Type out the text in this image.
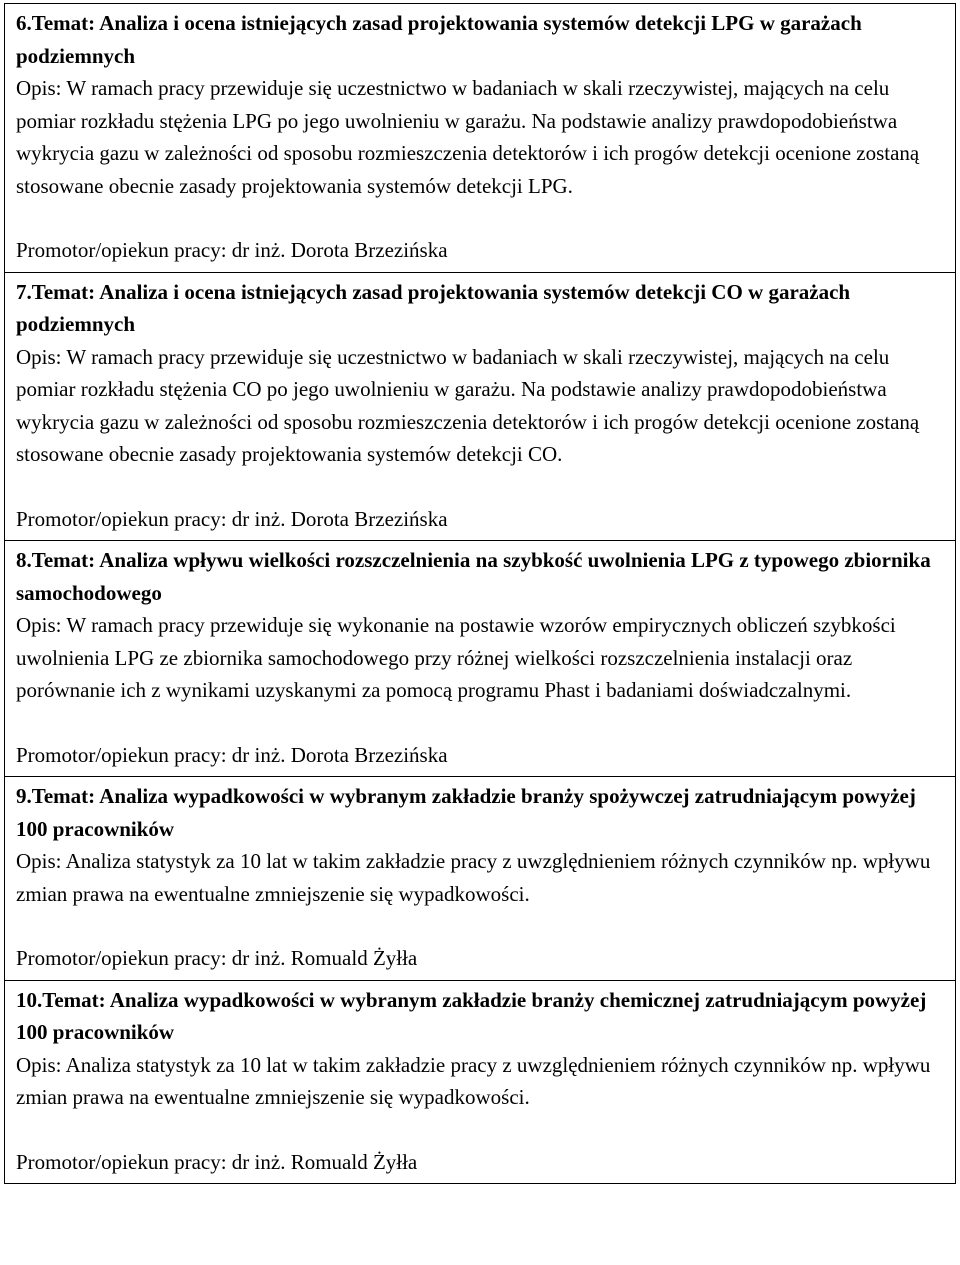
6.Temat: Analiza i ocena istniejących zasad projektowania systemów detekcji LPG w garażach podziemnych

Opis: W ramach pracy przewiduje się uczestnictwo w badaniach w skali rzeczywistej, mających na celu pomiar rozkładu stężenia LPG po jego uwolnieniu w garażu. Na podstawie analizy prawdopodobieństwa wykrycia gazu w zależności od sposobu rozmieszczenia detektorów i ich progów detekcji ocenione zostaną stosowane obecnie zasady projektowania systemów detekcji LPG.

Promotor/opiekun pracy: dr inż. Dorota Brzezińska

7.Temat: Analiza i ocena istniejących zasad projektowania systemów detekcji CO w garażach podziemnych

Opis: W ramach pracy przewiduje się uczestnictwo w badaniach w skali rzeczywistej, mających na celu pomiar rozkładu stężenia CO po jego uwolnieniu w garażu. Na podstawie analizy prawdopodobieństwa wykrycia gazu w zależności od sposobu rozmieszczenia detektorów i ich progów detekcji ocenione zostaną stosowane obecnie zasady projektowania systemów detekcji CO.

Promotor/opiekun pracy: dr inż. Dorota Brzezińska

8.Temat: Analiza wpływu wielkości rozszczelnienia na szybkość uwolnienia LPG z typowego zbiornika samochodowego

Opis: W ramach pracy przewiduje się wykonanie na postawie wzorów empirycznych obliczeń szybkości uwolnienia LPG ze zbiornika samochodowego przy różnej wielkości rozszczelnienia instalacji oraz porównanie ich z wynikami uzyskanymi za pomocą programu Phast i badaniami doświadczalnymi.

Promotor/opiekun pracy: dr inż. Dorota Brzezińska

9.Temat: Analiza wypadkowości w wybranym zakładzie branży spożywczej zatrudniającym powyżej 100 pracowników

Opis: Analiza statystyk za 10 lat w takim zakładzie pracy z uwzględnieniem różnych czynników np. wpływu zmian prawa na ewentualne zmniejszenie się wypadkowości.

Promotor/opiekun pracy: dr inż. Romuald Żyłła

10.Temat: Analiza wypadkowości w wybranym zakładzie branży chemicznej zatrudniającym powyżej 100 pracowników

Opis: Analiza statystyk za 10 lat w takim zakładzie pracy z uwzględnieniem różnych czynników np. wpływu zmian prawa na ewentualne zmniejszenie się wypadkowości.

Promotor/opiekun pracy: dr inż. Romuald Żyłła
